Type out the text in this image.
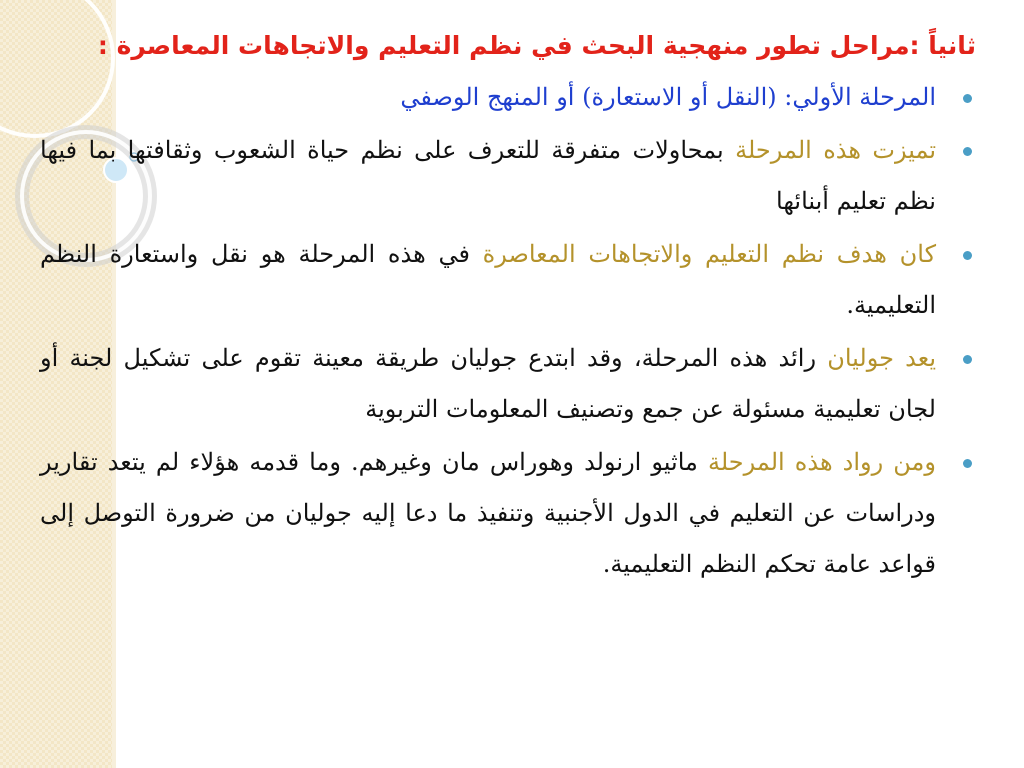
ثانياً :مراحل تطور منهجية البحث في نظم التعليم والاتجاهات المعاصرة :
المرحلة الأولي: (النقل أو الاستعارة) أو المنهج الوصفي
تميزت هذه المرحلة بمحاولات متفرقة للتعرف على نظم حياة الشعوب وثقافتها بما فيها نظم تعليم أبنائها
كان هدف نظم التعليم والاتجاهات المعاصرة في هذه المرحلة هو نقل واستعارة النظم التعليمية.
يعد جوليان رائد هذه المرحلة، وقد ابتدع جوليان طريقة معينة تقوم على تشكيل لجنة أو لجان تعليمية مسئولة عن جمع وتصنيف المعلومات التربوية
ومن رواد هذه المرحلة ماثيو ارنولد وهوراس مان وغيرهم. وما قدمه هؤلاء لم يتعد تقارير ودراسات عن التعليم في الدول الأجنبية وتنفيذ ما دعا إليه جوليان من ضرورة التوصل إلى قواعد عامة تحكم النظم التعليمية.
